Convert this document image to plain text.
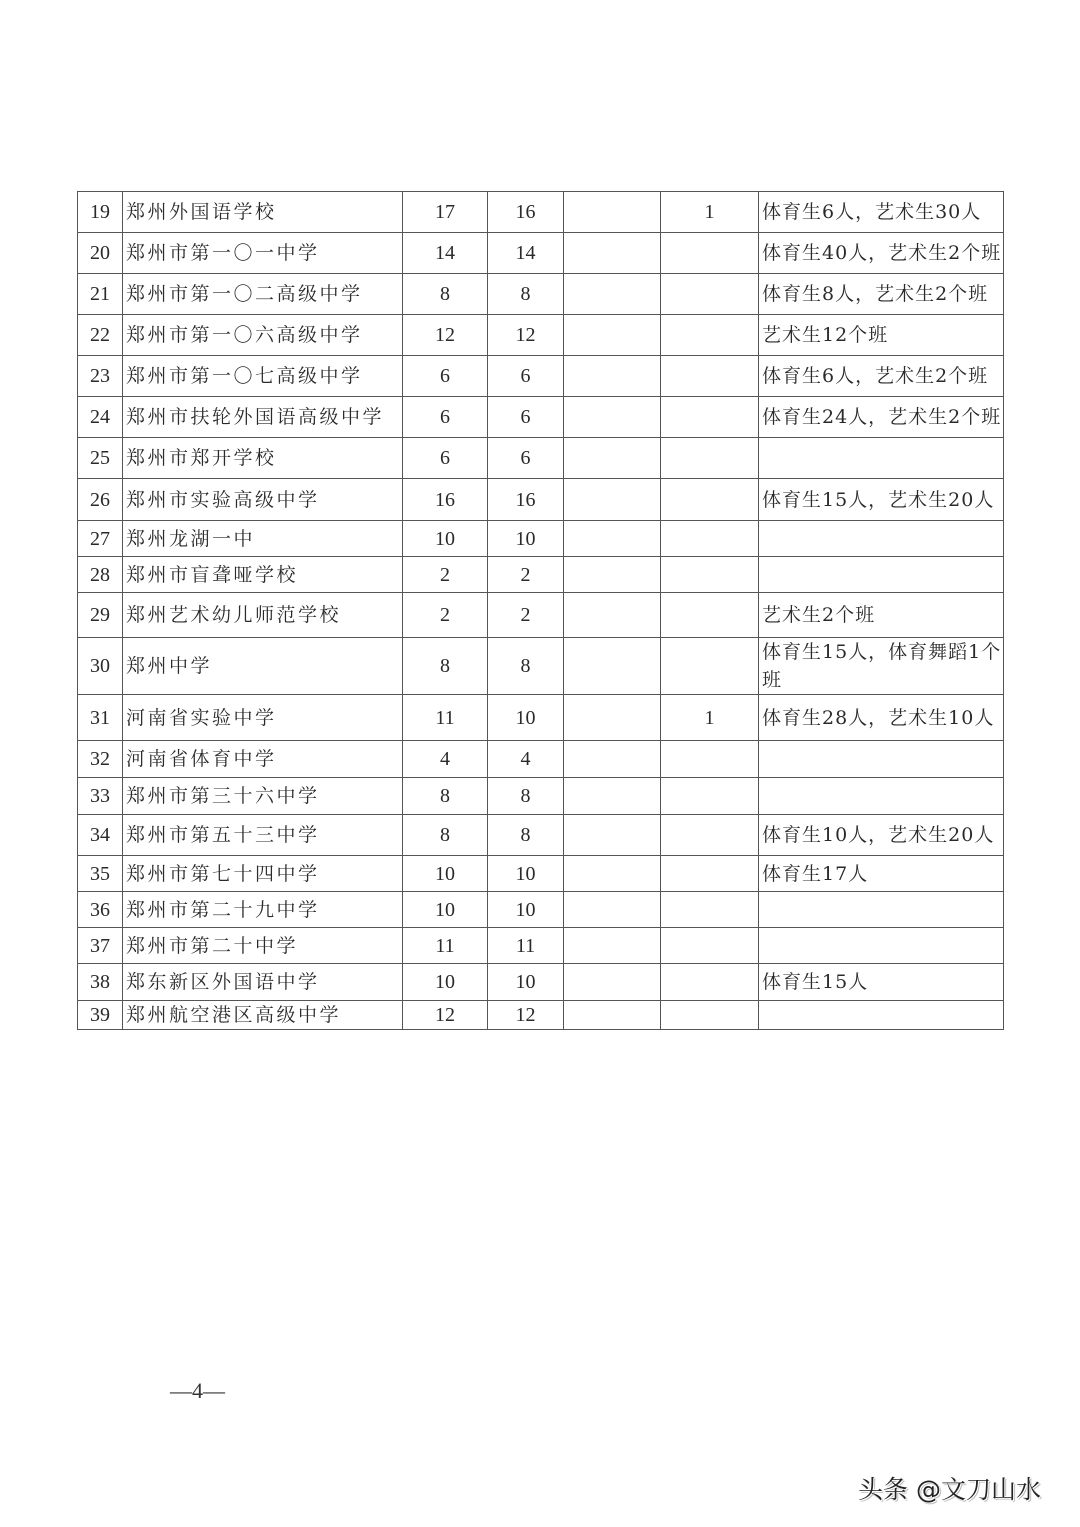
19	郑州外国语学校	17	16		1	体育生6人，艺术生30人
20	郑州市第一〇一中学	14	14			体育生40人，艺术生2个班
21	郑州市第一〇二高级中学	8	8			体育生8人，艺术生2个班
22	郑州市第一〇六高级中学	12	12			艺术生12个班
23	郑州市第一〇七高级中学	6	6			体育生6人，艺术生2个班
24	郑州市扶轮外国语高级中学	6	6			体育生24人，艺术生2个班
25	郑州市郑开学校	6	6			
26	郑州市实验高级中学	16	16			体育生15人，艺术生20人
27	郑州龙湖一中	10	10			
28	郑州市盲聋哑学校	2	2			
29	郑州艺术幼儿师范学校	2	2			艺术生2个班
30	郑州中学	8	8			体育生15人，体育舞蹈1个班
31	河南省实验中学	11	10		1	体育生28人，艺术生10人
32	河南省体育中学	4	4			
33	郑州市第三十六中学	8	8			
34	郑州市第五十三中学	8	8			体育生10人，艺术生20人
35	郑州市第七十四中学	10	10			体育生17人
36	郑州市第二十九中学	10	10			
37	郑州市第二十中学	11	11			
38	郑东新区外国语中学	10	10			体育生15人
39	郑州航空港区高级中学	12	12			
—4—
头条 @文刀山水
